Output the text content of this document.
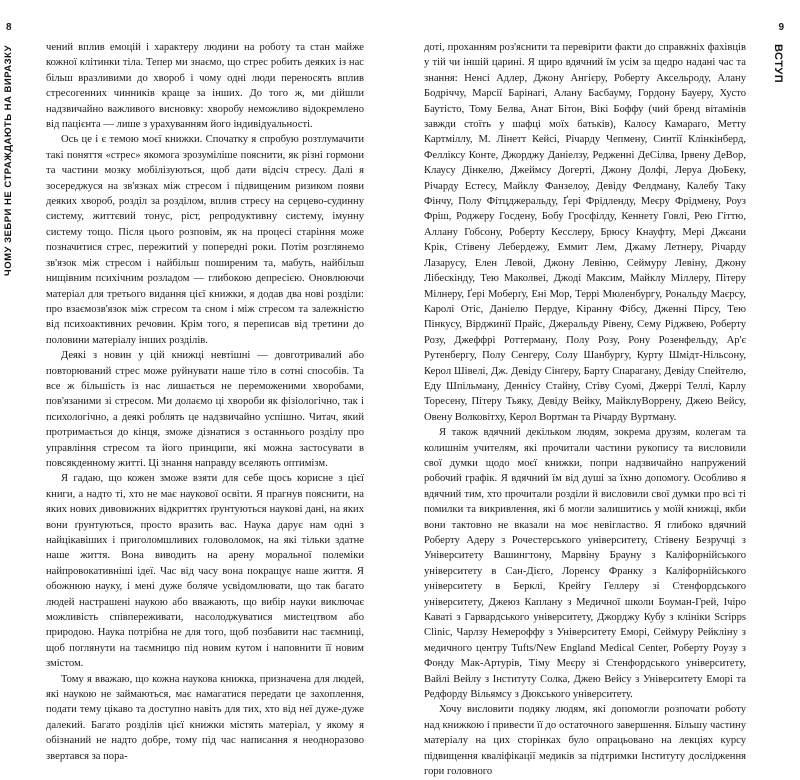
8
ЧОМУ ЗЕБРИ НЕ СТРАЖДАЮТЬ НА ВИРАЗКУ	чений вплив емоцій і характеру людини на роботу та стан майже кожної клітинки тіла. Тепер ми знаємо, що стрес робить деяких із нас більш вразливими до хвороб і чому одні люди переносять вплив стресогенних чинників краще за інших. До того ж, ми дійшли надзвичайно важливого висновку: хворобу неможливо відокремлено від пацієнта — лише з урахуванням його індивідуальності.

Ось це і є темою моєї книжки. Спочатку я спробую розтлумачити такі поняття «стрес» якомога зрозуміліше пояснити, як різні гормони та частини мозку мобілізуються, щоб дати відсіч стресу. Далі я зосереджуся на зв'язках між стресом і підвищеним ризиком появи деяких хвороб, розділ за розділом, вплив стресу на серцево-судинну систему, життєвий тонус, ріст, репродуктивну систему, імунну систему тощо. Після цього розповім, як на процесі старіння може позначитися стрес, пережитий у попередні роки. Потім розглянемо зв'язок між стресом і найбільш поширеним та, мабуть, найбільш нищівним психічним розладом — глибокою депресією. Оновлюючи матеріал для третього видання цієї книжки, я додав два нові розділи: про взаємозв'язок між стресом та сном і між стресом та залежністю від психоактивних речовин. Крім того, я переписав від третини до половини матеріалу інших розділів.

Деякі з новин у цій книжці невтішні — довготривалий або повторюваний стрес може руйнувати наше тіло в сотні способів. Та все ж більшість із нас лишається не переможеними хворобами, пов'язаними зі стресом. Ми долаємо ці хвороби як фізіологічно, так і психологічно, а деякі роблять це надзвичайно успішно. Читач, який протримається до кінця, зможе дізнатися з останнього розділу про управління стресом та його принципи, які можна застосувати в повсякденному житті. Ці знання направду вселяють оптимізм.

Я гадаю, що кожен зможе взяти для себе щось корисне з цієї книги, а надто ті, хто не має наукової освіти. Я прагнув пояснити, на яких нових дивовижних відкриттях ґрунтуються наукові дані, на яких вони ґрунтуються, просто вразить вас. Наука дарує нам одні з найцікавіших і приголомшливих головоломок, на які тільки здатне наше життя. Вона виводить на арену моральної полеміки найпровокативніші ідеї. Час від часу вона покращує наше життя. Я обожнюю науку, і мені дуже боляче усвідомлювати, що так багато людей настрашені наукою або вважають, що вибір науки виключає можливість співпереживати, насолоджуватися мистецтвом або природою. Наука потрібна не для того, щоб позбавити нас таємниці, щоб поглянути на таємницю під новим кутом і наповнити її новим змістом.

Тому я вважаю, що кожна наукова книжка, призначена для людей, які наукою не займаються, має намагатися передати це захоплення, подати тему цікаво та доступно навіть для тих, хто від неї дуже-дуже далекий. Багато розділів цієї книжки містять матеріал, у якому я обізнаний не надто добре, тому під час написання я неодноразово звертався за пора-

9
ВСТУП

доті, проханням роз'яснити та перевірити факти до справжніх фахівців у тій чи іншій царині. Я щиро вдячний їм усім за щедро надані час та знання: Ненсі Адлер, Джону Ангієру, Роберту Аксельроду, Алану Бодріччу, Марсії Барінагі, Алану Басбауму, Гордону Бауеру, Хусто Баутісто, Тому Белва, Анат Бітон, Вікі Боффу (чий бренд вітамінів завжди стоїть у шафці моїх батьків), Калосу Камараго, Метту Картміллу, М. Лінетт Кейсі, Річарду Чепмену, Синтії Клінкінберд, Фелліксу Конте, Джорджу Даніелзу, Редженні ДеСілва, Ірвену ДеВор, Клаусу Дінкелю, Джеймсу Догерті, Джону Долфі, Леруа ДюБеку, Річарду Естесу, Майклу Фанзелоу, Девіду Фелдману, Калебу Таку Фінчу, Полу Фітцджеральду, Ґері Фрідленду, Меєру Фрідмену, Роуз Фріш, Роджеру Госдену, Бобу Гросфілду, Кеннету Говлі, Рею Гіттю, Аллану Гобсону, Роберту Кесслеру, Брюсу Кнауфту, Мері Джєани Крік, Стівену Лебердежу, Еммит Лем, Джаму Летнеру, Річарду Лазарусу, Елен Левой, Джону Левіню, Сеймуру Левіну, Джону Лібескінду, Тею Маколвеі, Джоді Максим, Майклу Міллеру, Пітеру Мілнеру, Ґері Моберґу, Ені Мор, Террі Мюленбургу, Рональду Маєрсу, Каролі Отіс, Даніелю Пердуе, Кіранну Фібсу, Дженні Пірсу, Тею Пінкусу, Вірджинії Прайс, Джеральду Рівену, Сему Ріджвею, Роберту Розу, Джеффрі Роттерману, Полу Розу, Рону Розенфельду, Ар'є Рутенбергу, Полу Сенгеру, Солу Шанбургу, Курту Шмідт-Нільсону, Керол Шівелі, Дж. Девіду Сінґеру, Барту Спарагану, Девіду Спейтелю, Еду Шпільману, Деннісу Стайну, Стіву Суомі, Джеррі Теллі, Карлу Торесену, Пітеру Тьяку, Девіду Вейку, МайклуВоррену, Джею Вейсу, Овену Волковітху, Керол Вортман та Річарду Вуртману.

Я також вдячний декільком людям, зокрема друзям, колегам та колишнім учителям, які прочитали частини рукопису та висловили свої думки щодо моєї книжки, попри надзвичайно напружений робочий графік. Я вдячний їм від душі за їхню допомогу. Особливо я вдячний тим, хто прочитали розділи й висловили свої думки про всі ті помилки та викривлення, які б могли залишитись у моїй книжці, якби вони тактовно не вказали на моє невігластво. Я глибоко вдячний Роберту Адеру з Рочестерського університету, Стівену Безручці з Університету Вашингтону, Марвіну Брауну з Каліфорнійського університету в Сан-Дієго, Лоренсу Франку з Каліфорнійського університету в Берклі, Крейгу Геллеру зі Стенфордського університету, Джеюз Каплану з Медичної школи Боуман-Грей, Ічіро Каваті з Гарвардського університету, Джорджу Кубу з клініки Scripps Clinic, Чарлзу Немероффу з Університету Еморі, Сеймуру Рейкліну з медичного центру Tufts/New England Medical Center, Роберту Роузу з Фонду Мак-Артурів, Тіму Меєру зі Стенфордського університету, Вайлі Вейлу з Інституту Солка, Джею Вейсу з Університету Еморі та Редфорду Вільямсу з Дюкського університету.

Хочу висловити подяку людям, які допомогли розпочати роботу над книжкою і привести її до остаточного завершення. Більшу частину матеріалу на цих сторінках було опрацьовано на лекціях курсу підвищення кваліфікації медиків за підтримки Інституту дослідження гори головного
